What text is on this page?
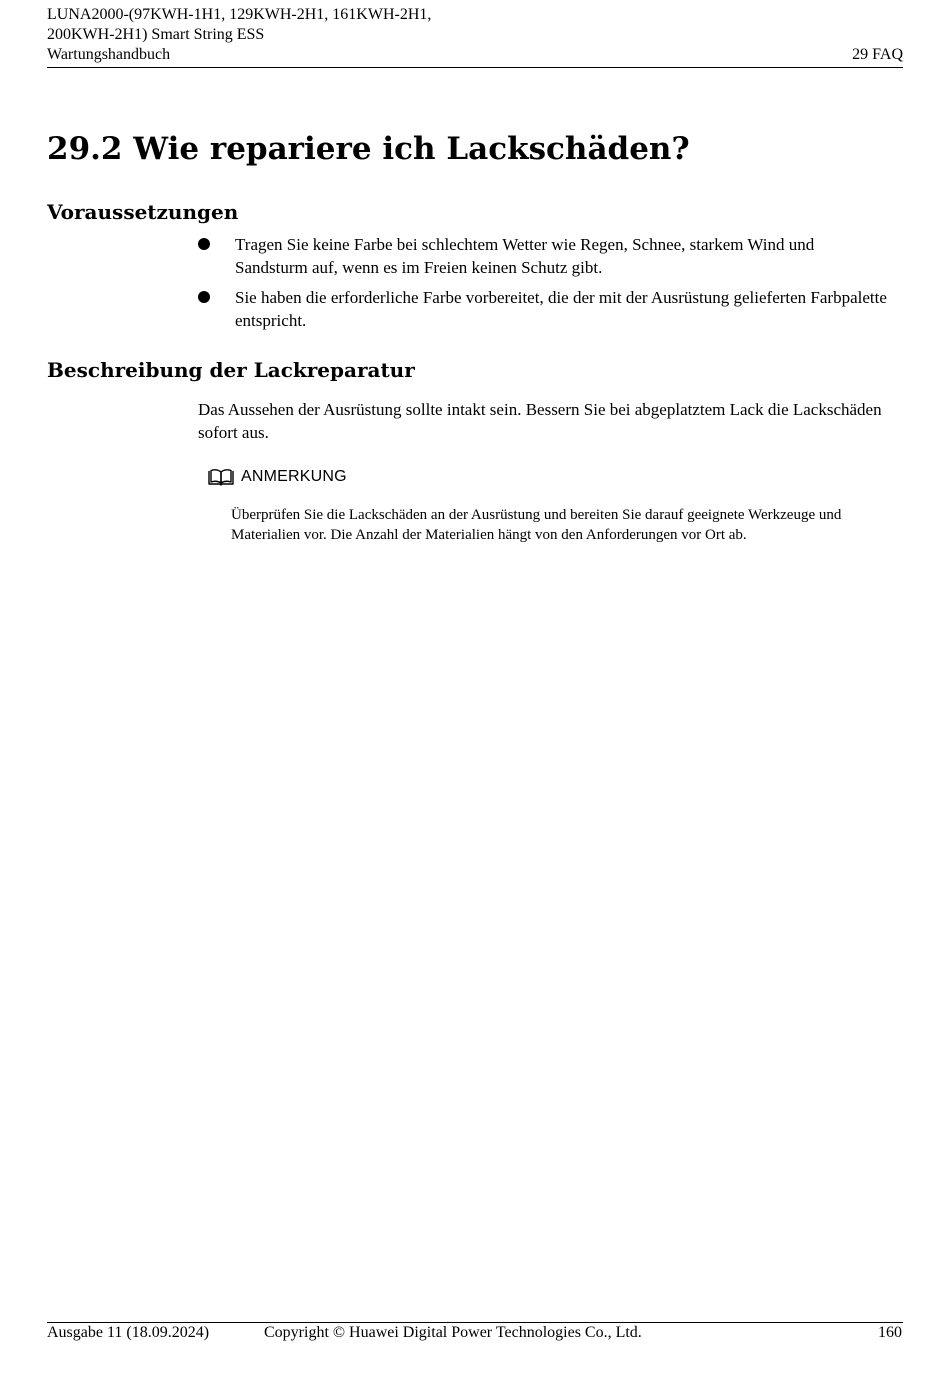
LUNA2000-(97KWH-1H1, 129KWH-2H1, 161KWH-2H1,
200KWH-2H1) Smart String ESS
Wartungshandbuch	29 FAQ
29.2 Wie repariere ich Lackschäden?
Voraussetzungen
Tragen Sie keine Farbe bei schlechtem Wetter wie Regen, Schnee, starkem Wind und Sandsturm auf, wenn es im Freien keinen Schutz gibt.
Sie haben die erforderliche Farbe vorbereitet, die der mit der Ausrüstung gelieferten Farbpalette entspricht.
Beschreibung der Lackreparatur

Das Aussehen der Ausrüstung sollte intakt sein. Bessern Sie bei abgeplatztem Lack die Lackschäden sofort aus.

ANMERKUNG

Überprüfen Sie die Lackschäden an der Ausrüstung und bereiten Sie darauf geeignete Werkzeuge und Materialien vor. Die Anzahl der Materialien hängt von den Anforderungen vor Ort ab.

Ausgabe 11 (18.09.2024)	Copyright © Huawei Digital Power Technologies Co., Ltd.	160
